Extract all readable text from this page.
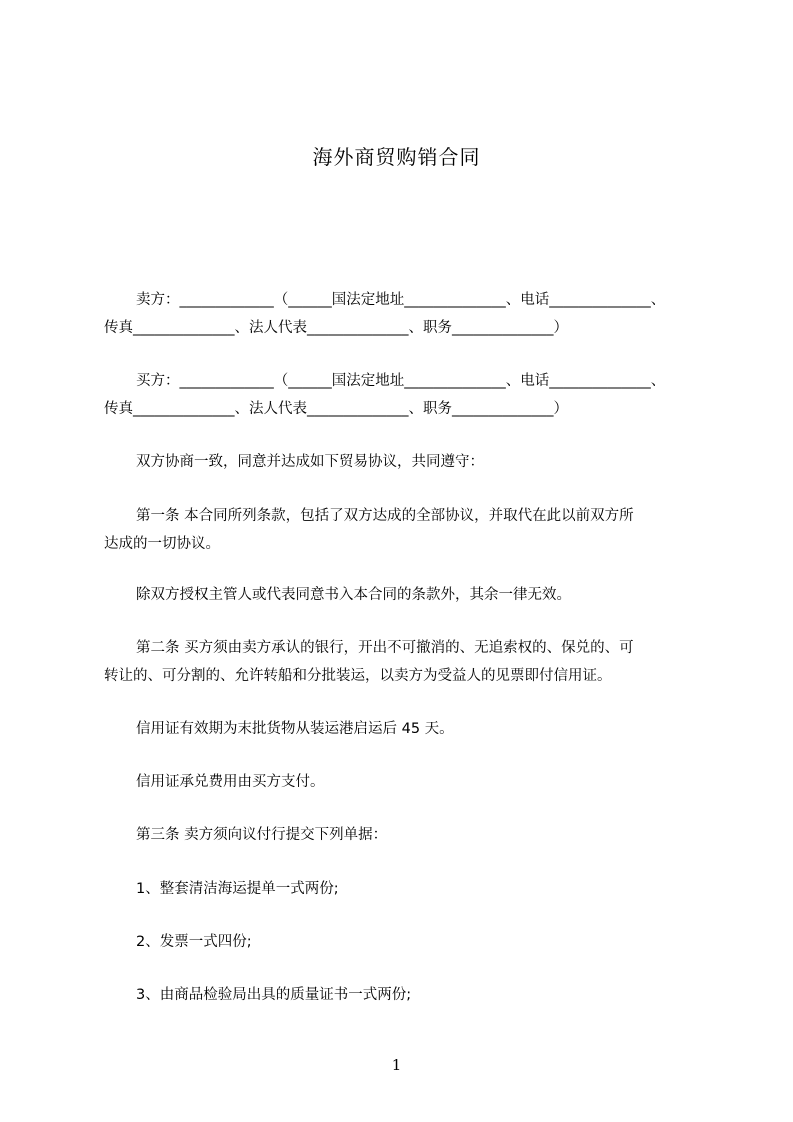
海外商贸购销合同
卖方：_____________（______国法定地址______________、电话______________、
传真______________、法人代表______________、职务______________）
买方：_____________（______国法定地址______________、电话______________、
传真______________、法人代表______________、职务______________）
双方协商一致，同意并达成如下贸易协议，共同遵守：
第一条 本合同所列条款，包括了双方达成的全部协议，并取代在此以前双方所
达成的一切协议。
除双方授权主管人或代表同意书入本合同的条款外，其余一律无效。
第二条 买方须由卖方承认的银行，开出不可撤消的、无追索权的、保兑的、可
转让的、可分割的、允许转船和分批装运，以卖方为受益人的见票即付信用证。
信用证有效期为末批货物从装运港启运后 45 天。
信用证承兑费用由买方支付。
第三条 卖方须向议付行提交下列单据：
1、整套清洁海运提单一式两份;
2、发票一式四份;
3、由商品检验局出具的质量证书一式两份;
1
